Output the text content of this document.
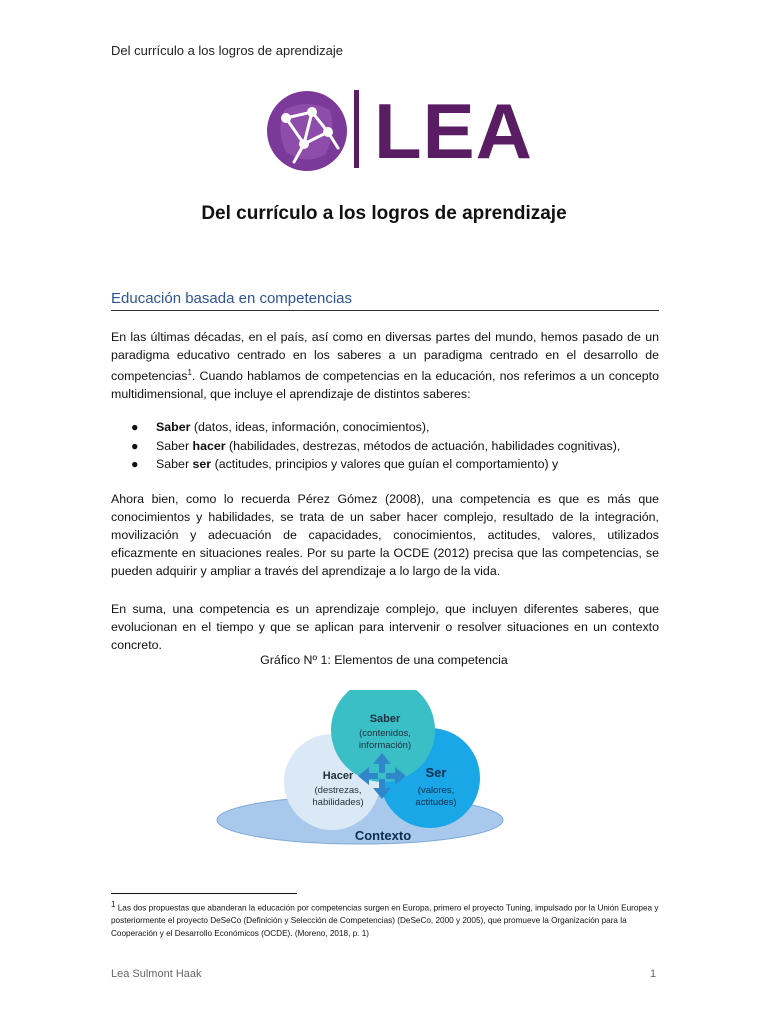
Del currículo a los logros de aprendizaje
LEA
Del currículo a los logros de aprendizaje
Educación basada en competencias
En las últimas décadas, en el país, así como en diversas partes del mundo, hemos pasado de un paradigma educativo centrado en los saberes a un paradigma centrado en el desarrollo de competencias$^1$. Cuando hablamos de competencias en la educación, nos referimos a un concepto multidimensional, que incluye el aprendizaje de distintos saberes:
● Saber (datos, ideas, información, conocimientos),
● Saber hacer (habilidades, destrezas, métodos de actuación, habilidades cognitivas),
● Saber ser (actitudes, principios y valores que guían el comportamiento) y
Ahora bien, como lo recuerda Pérez Gómez (2008), una competencia es que es más que conocimientos y habilidades, se trata de un saber hacer complejo, resultado de la integración, movilización y adecuación de capacidades, conocimientos, actitudes, valores, utilizados eficazmente en situaciones reales. Por su parte la OCDE (2012) precisa que las competencias, se pueden adquirir y ampliar a través del aprendizaje a lo largo de la vida.
En suma, una competencia es un aprendizaje complejo, que incluyen diferentes saberes, que evolucionan en el tiempo y que se aplican para intervenir o resolver situaciones en un contexto concreto.
Gráfico Nº 1: Elementos de una competencia
Saber
(contenidos,
información)
Hacer
(destrezas,
habilidades)
Ser
(valores,
actitudes)
Contexto
1 Las dos propuestas que abanderan la educación por competencias surgen en Europa, primero el proyecto Tuning, impulsado por la Unión Europea y posteriormente el proyecto DeSeCo (Definición y Selección de Competencias) (DeSeCo, 2000 y 2005), que promueve la Organización para la Cooperación y el Desarrollo Económicos (OCDE). (Moreno, 2018, p. 1)
Lea Sulmont Haak	1
